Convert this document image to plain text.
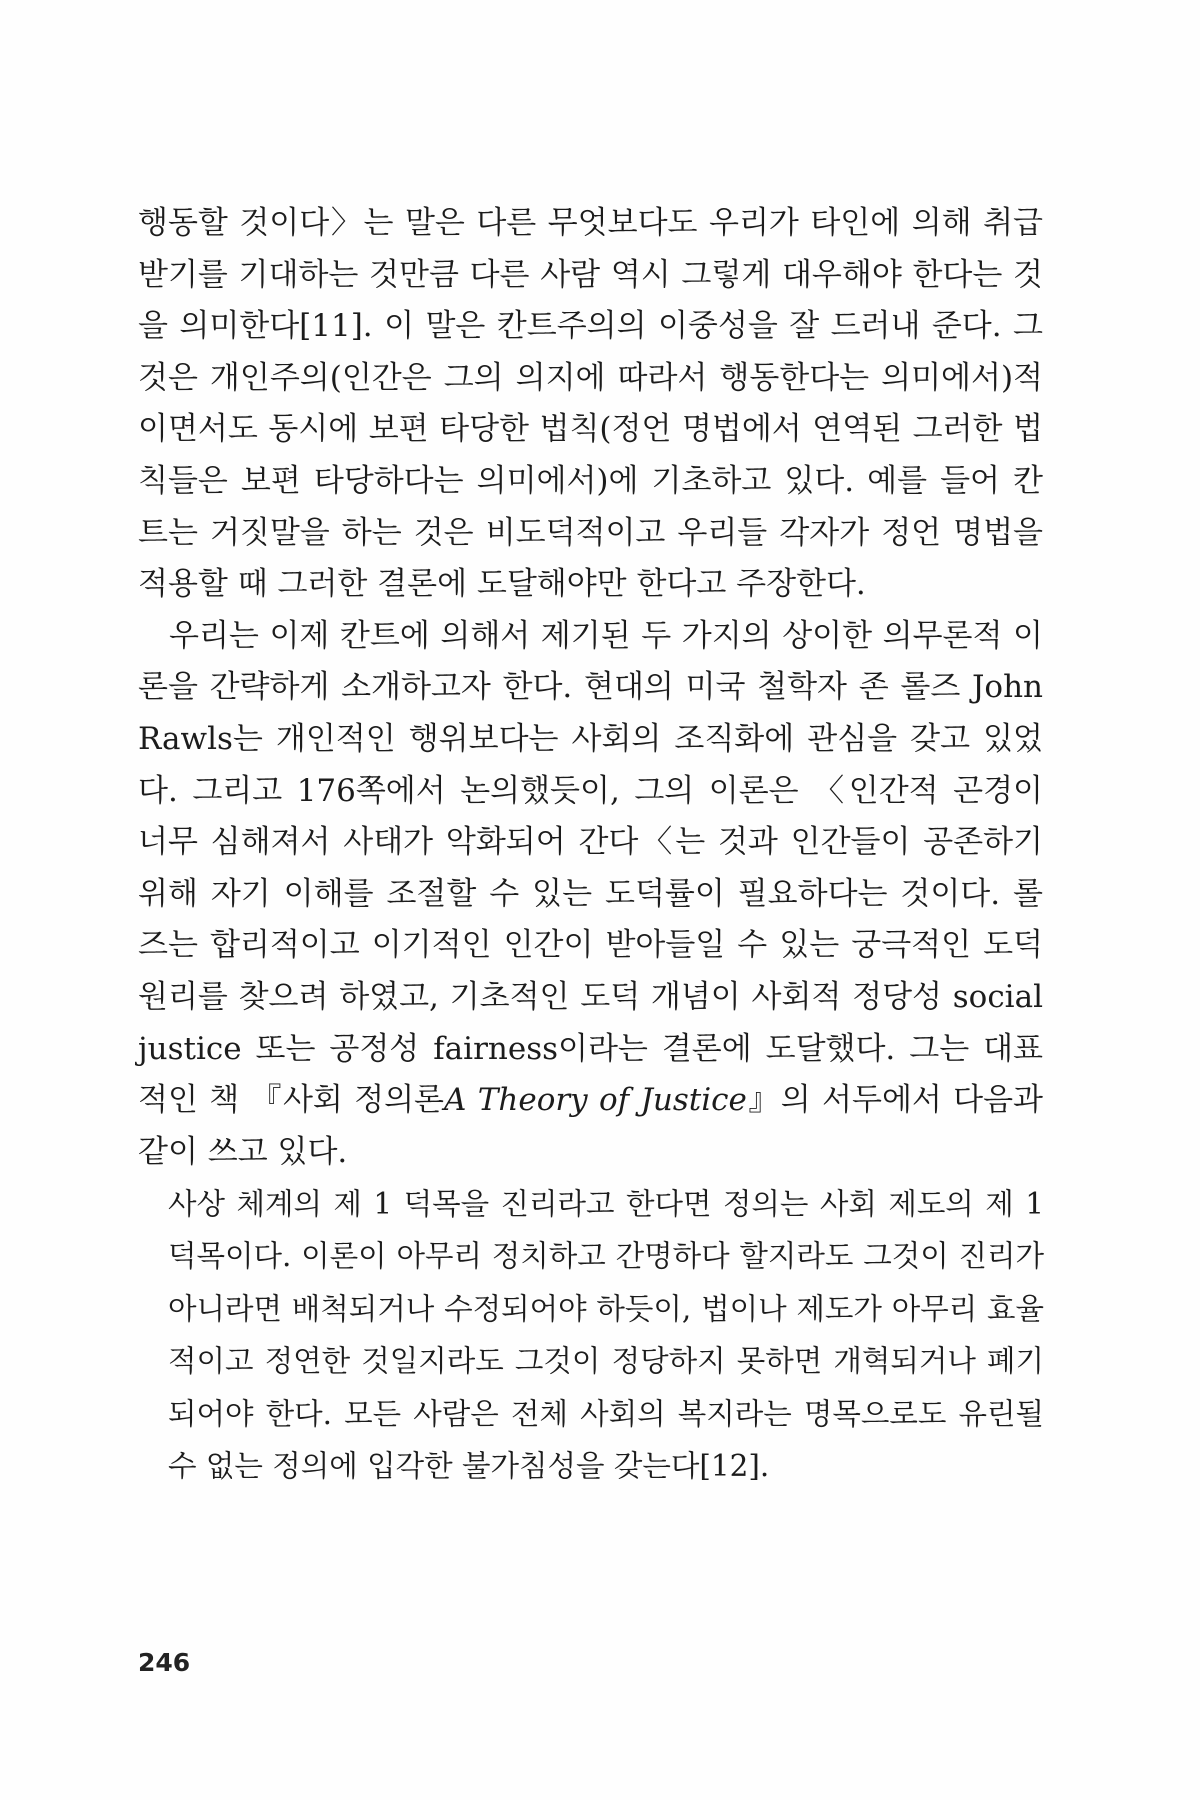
행동할 것이다〉는 말은 다른 무엇보다도 우리가 타인에 의해 취급받기를 기대하는 것만큼 다른 사람 역시 그렇게 대우해야 한다는 것을 의미한다[11]. 이 말은 칸트주의의 이중성을 잘 드러내 준다. 그것은 개인주의(인간은 그의 의지에 따라서 행동한다는 의미에서)적이면서도 동시에 보편 타당한 법칙(정언 명법에서 연역된 그러한 법칙들은 보편 타당하다는 의미에서)에 기초하고 있다. 예를 들어 칸트는 거짓말을 하는 것은 비도덕적이고 우리들 각자가 정언 명법을 적용할 때 그러한 결론에 도달해야만 한다고 주장한다.

우리는 이제 칸트에 의해서 제기된 두 가지의 상이한 의무론적 이론을 간략하게 소개하고자 한다. 현대의 미국 철학자 존 롤즈 John Rawls는 개인적인 행위보다는 사회의 조직화에 관심을 갖고 있었다. 그리고 176쪽에서 논의했듯이, 그의 이론은 〈인간적 곤경이 너무 심해져서 사태가 악화되어 간다〈는 것과 인간들이 공존하기 위해 자기 이해를 조절할 수 있는 도덕률이 필요하다는 것이다. 롤즈는 합리적이고 이기적인 인간이 받아들일 수 있는 궁극적인 도덕 원리를 찾으려 하였고, 기초적인 도덕 개념이 사회적 정당성 social justice 또는 공정성 fairness이라는 결론에 도달했다. 그는 대표적인 책 『사회 정의론A Theory of Justice』의 서두에서 다음과 같이 쓰고 있다.

사상 체계의 제 1 덕목을 진리라고 한다면 정의는 사회 제도의 제 1 덕목이다. 이론이 아무리 정치하고 간명하다 할지라도 그것이 진리가 아니라면 배척되거나 수정되어야 하듯이, 법이나 제도가 아무리 효율적이고 정연한 것일지라도 그것이 정당하지 못하면 개혁되거나 폐기되어야 한다. 모든 사람은 전체 사회의 복지라는 명목으로도 유린될 수 없는 정의에 입각한 불가침성을 갖는다[12].

246
